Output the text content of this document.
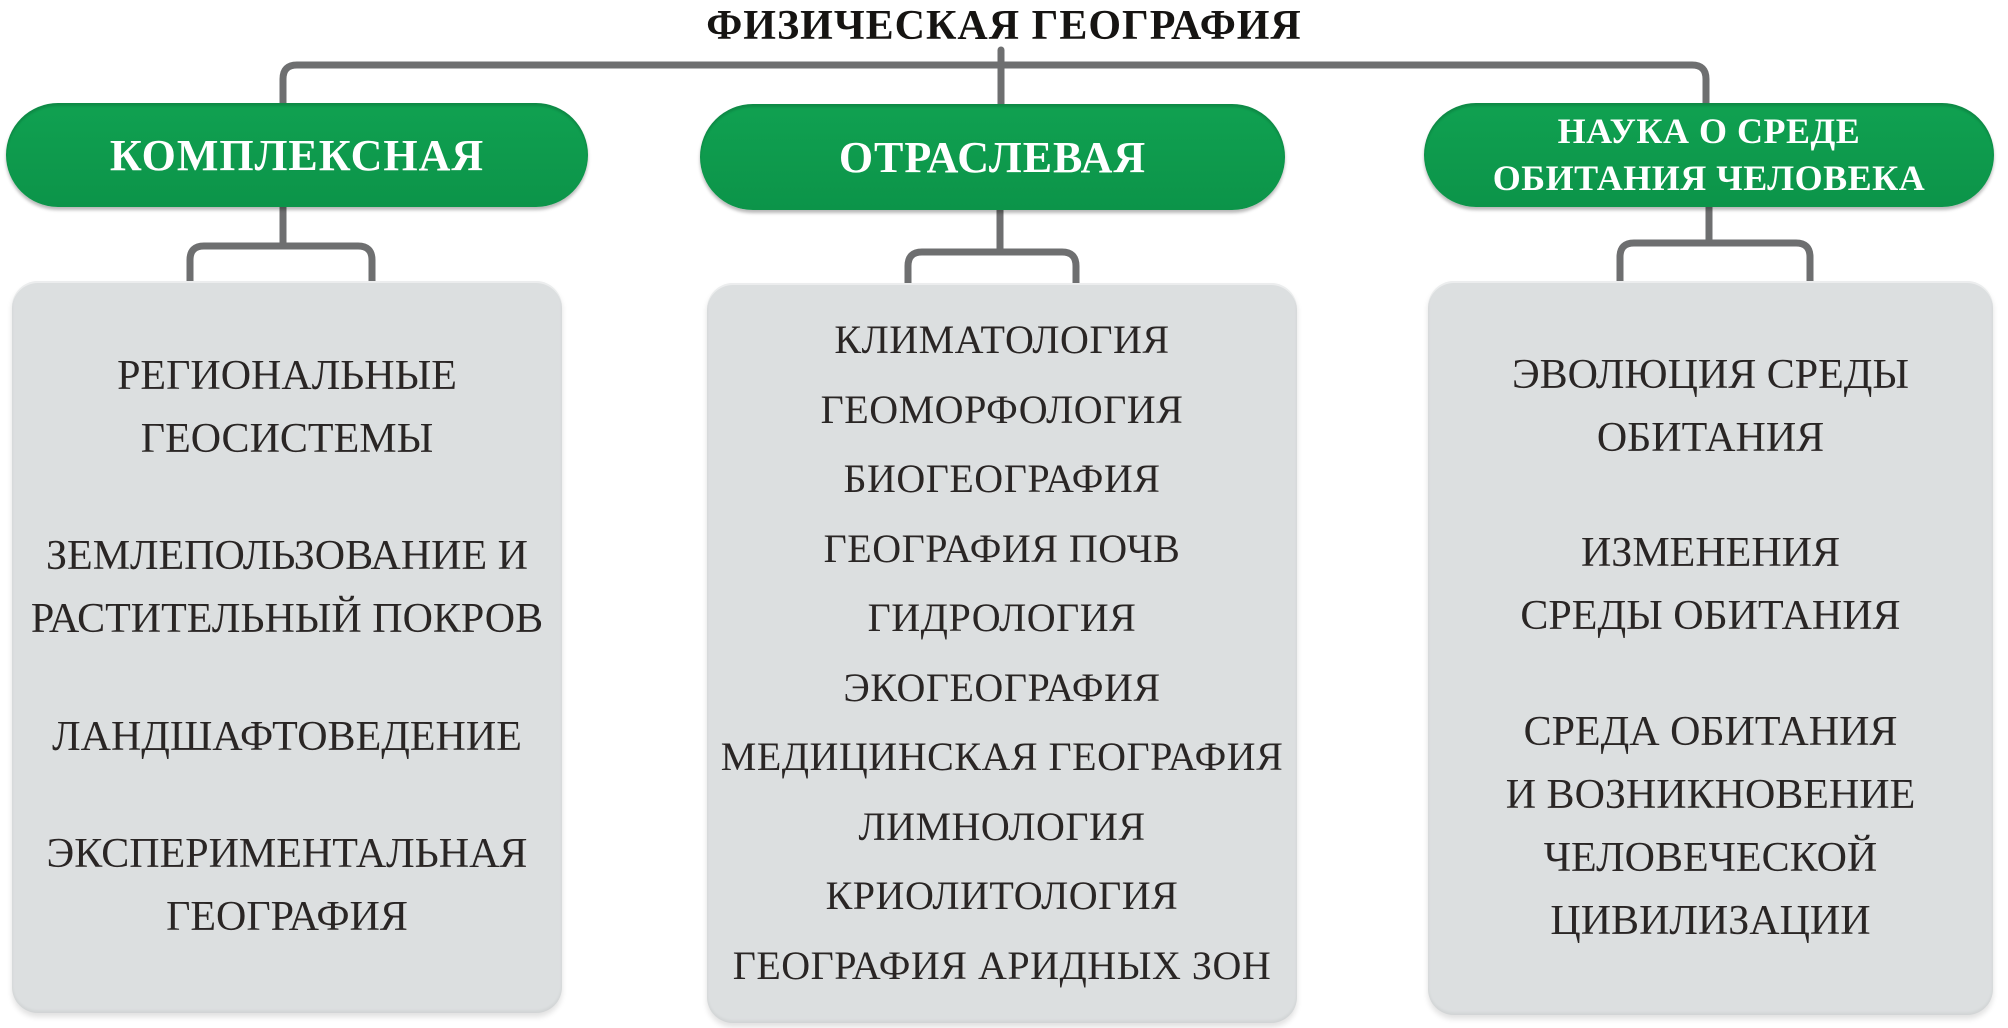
ФИЗИЧЕСКАЯ ГЕОГРАФИЯ
КОМПЛЕКСНАЯ	ОТРАСЛЕВАЯ
НАУКА О СРЕДЕ
ОБИТАНИЯ ЧЕЛОВЕКА
РЕГИОНАЛЬНЫЕ
ГЕОСИСТЕМЫ
ЗЕМЛЕПОЛЬЗОВАНИЕ И
РАСТИТЕЛЬНЫЙ ПОКРОВ
ЛАНДШАФТОВЕДЕНИЕ
ЭКСПЕРИМЕНТАЛЬНАЯ
ГЕОГРАФИЯ
КЛИМАТОЛОГИЯ
ГЕОМОРФОЛОГИЯ
БИОГЕОГРАФИЯ
ГЕОГРАФИЯ ПОЧВ
ГИДРОЛОГИЯ
ЭКОГЕОГРАФИЯ
МЕДИЦИНСКАЯ ГЕОГРАФИЯ
ЛИМНОЛОГИЯ
КРИОЛИТОЛОГИЯ
ГЕОГРАФИЯ АРИДНЫХ ЗОН
ЭВОЛЮЦИЯ СРЕДЫ
ОБИТАНИЯ
ИЗМЕНЕНИЯ
СРЕДЫ ОБИТАНИЯ
СРЕДА ОБИТАНИЯ
И ВОЗНИКНОВЕНИЕ
ЧЕЛОВЕЧЕСКОЙ
ЦИВИЛИЗАЦИИ
